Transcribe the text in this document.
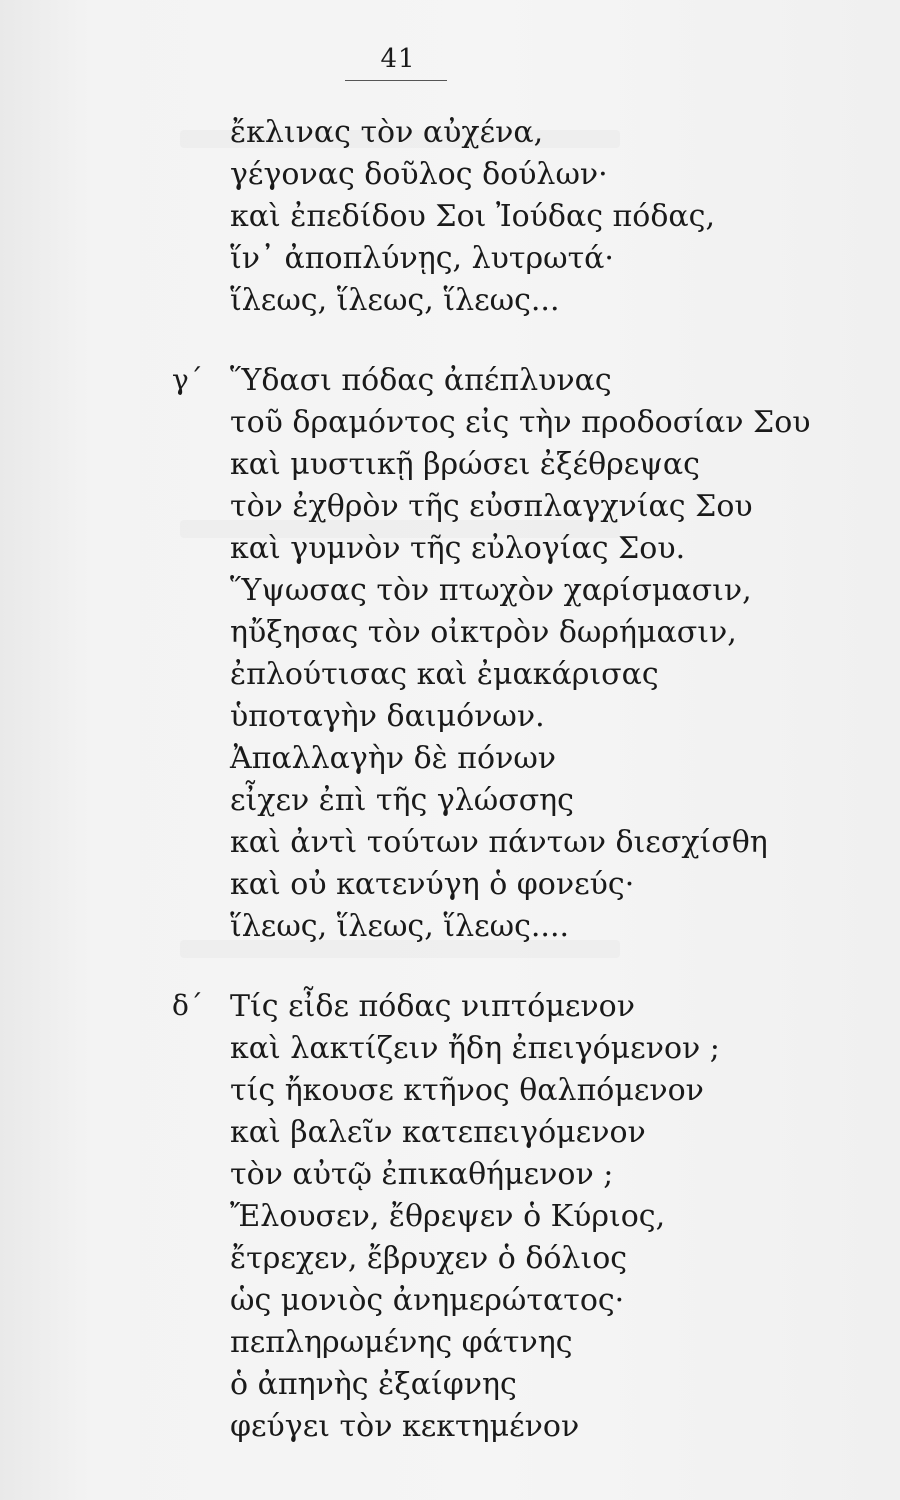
41
ἔκλινας τὸν αὐχένα,
γέγονας δοῦλος δούλων·
καὶ ἐπεδίδου Σοι Ἰούδας πόδας,
ἵν᾽ ἀποπλύνῃς, λυτρωτά·
ἵλεως, ἵλεως, ἵλεως...
γ´ Ὕδασι πόδας ἀπέπλυνας
τοῦ δραμόντος εἰς τὴν προδοσίαν Σου
καὶ μυστικῇ βρώσει ἐξέθρεψας
τὸν ἐχθρὸν τῆς εὐσπλαγχνίας Σου
καὶ γυμνὸν τῆς εὐλογίας Σου.
Ὕψωσας τὸν πτωχὸν χαρίσμασιν,
ηὔξησας τὸν οἰκτρὸν δωρήμασιν,
ἐπλούτισας καὶ ἐμακάρισας
ὑποταγὴν δαιμόνων.
Ἀπαλλαγὴν δὲ πόνων
εἶχεν ἐπὶ τῆς γλώσσης
καὶ ἀντὶ τούτων πάντων διεσχίσθη
καὶ οὐ κατενύγη ὁ φονεύς·
ἵλεως, ἵλεως, ἵλεως....
δ´ Τίς εἶδε πόδας νιπτόμενον
καὶ λακτίζειν ἤδη ἐπειγόμενον ;
τίς ἤκουσε κτῆνος θαλπόμενον
καὶ βαλεῖν κατεπειγόμενον
τὸν αὐτῷ ἐπικαθήμενον ;
Ἔλουσεν, ἔθρεψεν ὁ Κύριος,
ἔτρεχεν, ἔβρυχεν ὁ δόλιος
ὡς μονιὸς ἀνημερώτατος·
πεπληρωμένης φάτνης
ὁ ἀπηνὴς ἐξαίφνης
φεύγει τὸν κεκτημένον
